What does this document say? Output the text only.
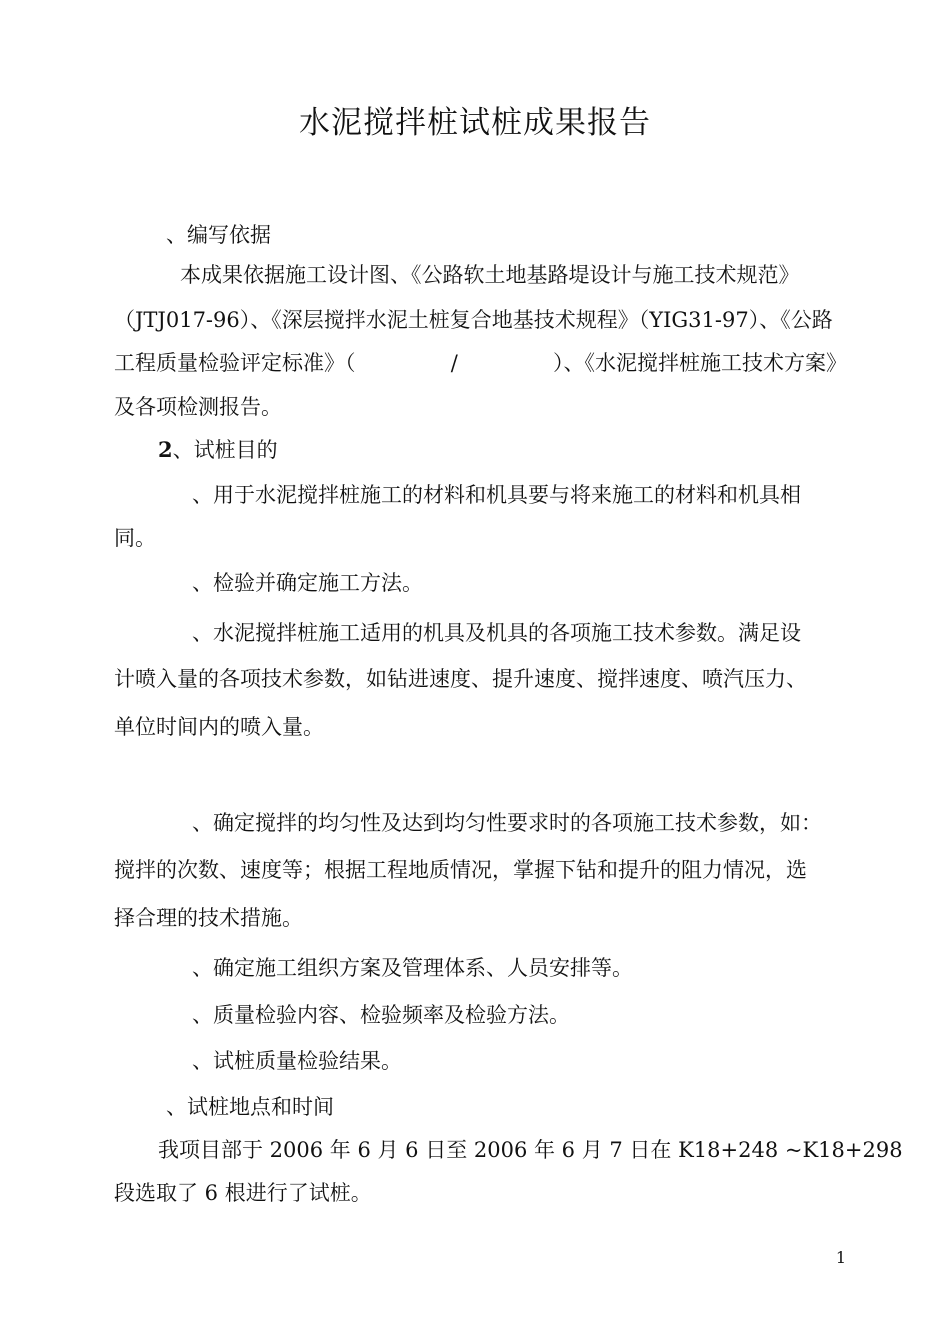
水泥搅拌桩试桩成果报告
、编写依据
本成果依据施工设计图、《公路软土地基路堤设计与施工技术规范》
（JTJ017-96）、《深层搅拌水泥土桩复合地基技术规程》（YIG31-97）、《公路
工程质量检验评定标准》（	/	）、《水泥搅拌桩施工技术方案》
及各项检测报告。
2、试桩目的
、用于水泥搅拌桩施工的材料和机具要与将来施工的材料和机具相
同。
、检验并确定施工方法。
、水泥搅拌桩施工适用的机具及机具的各项施工技术参数。满足设
计喷入量的各项技术参数，如钻进速度、提升速度、搅拌速度、喷汽压力、
单位时间内的喷入量。
、确定搅拌的均匀性及达到均匀性要求时的各项施工技术参数，如：
搅拌的次数、速度等；根据工程地质情况，掌握下钻和提升的阻力情况，选
择合理的技术措施。
、确定施工组织方案及管理体系、人员安排等。
、质量检验内容、检验频率及检验方法。
、试桩质量检验结果。
、试桩地点和时间
我项目部于 2006 年 6 月 6 日至 2006 年 6 月 7 日在 K18+248 ~K18+298
段选取了 6 根进行了试桩。
1
